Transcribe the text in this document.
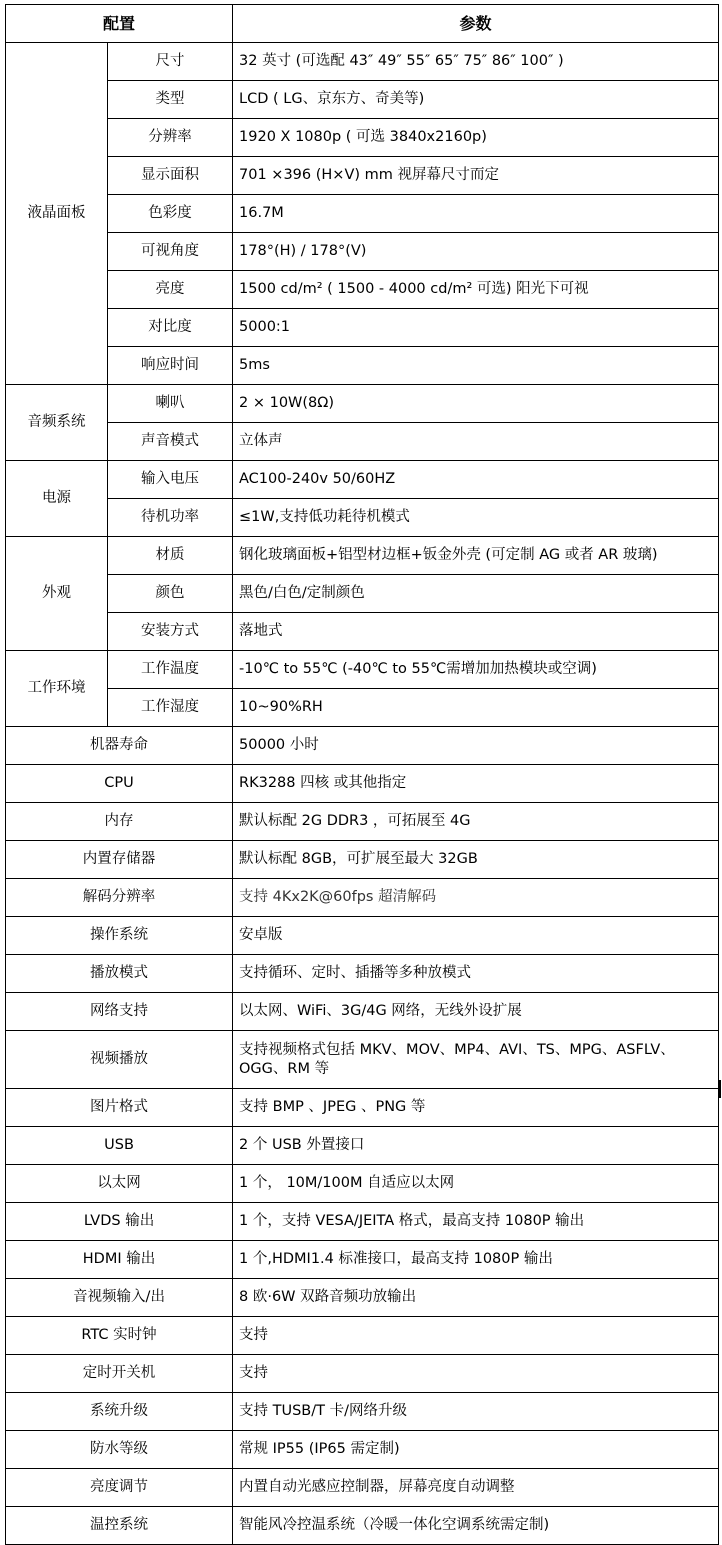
配置		参数
液晶面板	尺寸	32 英寸 (可选配 43″ 49″ 55″ 65″ 75″ 86″ 100″ )
	类型	LCD ( LG、京东方、奇美等)
	分辨率	1920 X 1080p ( 可选 3840x2160p)
	显示面积	701 ×396 (H×V) mm 视屏幕尺寸而定
	色彩度	16.7M
	可视角度	178°(H) / 178°(V)
	亮度	1500 cd/m² ( 1500 - 4000 cd/m² 可选) 阳光下可视
	对比度	5000:1
	响应时间	5ms
音频系统	喇叭	2 × 10W(8Ω)
	声音模式	立体声
电源	输入电压	AC100-240v 50/60HZ
	待机功率	≤1W,支持低功耗待机模式
外观	材质	钢化玻璃面板+铝型材边框+钣金外壳 (可定制 AG 或者 AR 玻璃)
	颜色	黑色/白色/定制颜色
	安装方式	落地式
工作环境	工作温度	-10℃ to 55℃ (-40℃ to 55℃需增加加热模块或空调)
	工作湿度	10~90%RH
机器寿命		50000 小时
CPU		RK3288 四核 或其他指定
内存		默认标配 2G DDR3 ，可拓展至 4G
内置存储器		默认标配 8GB，可扩展至最大 32GB
解码分辨率		支持 4Kx2K@60fps 超清解码
操作系统		安卓版
播放模式		支持循环、定时、插播等多种放模式
网络支持		以太网、WiFi、3G/4G 网络，无线外设扩展
视频播放		支持视频格式包括 MKV、MOV、MP4、AVI、TS、MPG、ASFLV、OGG、RM 等
图片格式		支持 BMP 、JPEG 、PNG 等
USB		2 个 USB 外置接口
以太网		1 个， 10M/100M 自适应以太网
LVDS 输出		1 个，支持 VESA/JEITA 格式，最高支持 1080P 输出
HDMI 输出		1 个,HDMI1.4 标准接口，最高支持 1080P 输出
音视频输入/出		8 欧·6W 双路音频功放输出
RTC 实时钟		支持
定时开关机		支持
系统升级		支持 TUSB/T 卡/网络升级
防水等级		常规 IP55 (IP65 需定制)
亮度调节		内置自动光感应控制器，屏幕亮度自动调整
温控系统		智能风冷控温系统（冷暖一体化空调系统需定制)
